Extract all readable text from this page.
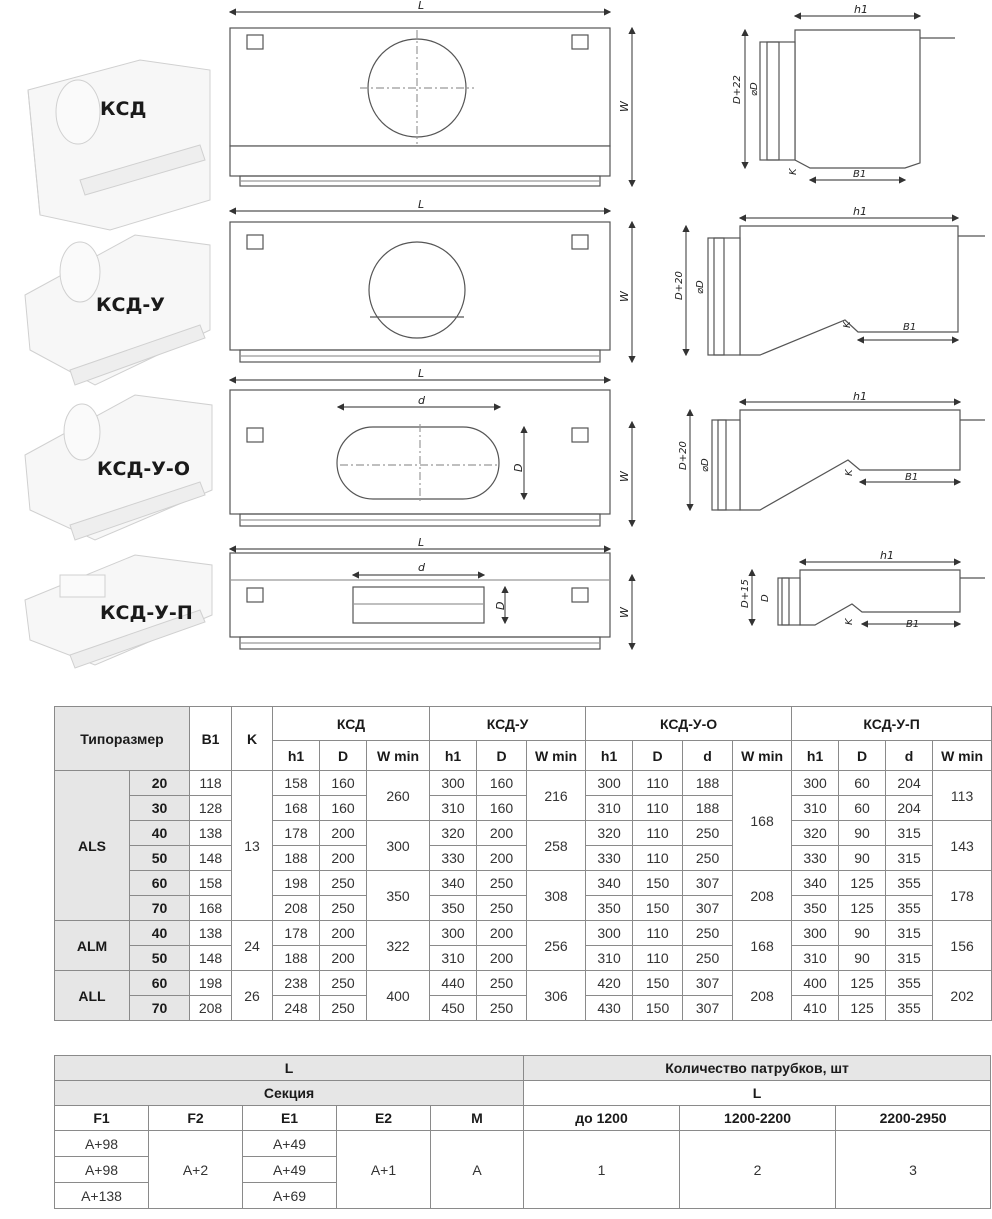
L
W
h1
D+22 ⌀D
K	B1
L
W
h1
D+20 ⌀D
K	B1
L
d
D
W
h1
D+20 ⌀D
K	B1
L
d
D
W
h1
D+15 D
K	B1
КСД
КСД-У
КСД-У-О
КСД-У-П
Типоразмер		B1	K	КСД			КСД-У			КСД-У-О				КСД-У-П			
				h1	D	W min	h1	D	W min	h1	D	d	W min	h1	D	d	W min
ALS	20	118	13	158	160	260	300	160	216	300	110	188	168	300	60	204	113
	30	128		168	160		310	160		310	110	188		310	60	204	
	40	138		178	200	300	320	200	258	320	110	250		320	90	315	143
	50	148		188	200		330	200		330	110	250		330	90	315	
	60	158		198	250	350	340	250	308	340	150	307	208	340	125	355	178
	70	168		208	250		350	250		350	150	307		350	125	355	
ALM	40	138	24	178	200	322	300	200	256	300	110	250	168	300	90	315	156
	50	148		188	200		310	200		310	110	250		310	90	315	
ALL	60	198	26	238	250	400	440	250	306	420	150	307	208	400	125	355	202
	70	208		248	250		450	250		430	150	307		410	125	355	
L					Количество патрубков, шт		
Секция					L		
F1	F2	E1	E2	M	до 1200	1200-2200	2200-2950
A+98	A+2	A+49	A+1	A	1	2	3
A+98		A+49					
A+138		A+69					
